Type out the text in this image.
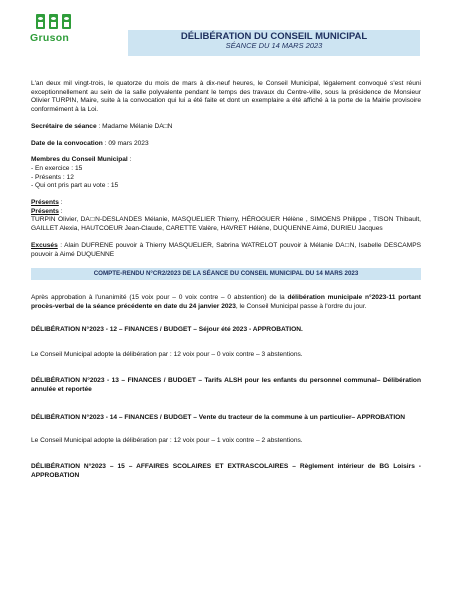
Gruson	DÉLIBÉRATION DU CONSEIL MUNICIPAL
SÉANCE DU 14 MARS 2023

L'an deux mil vingt-trois, le quatorze du mois de mars à dix-neuf heures, le Conseil Municipal, légalement convoqué s'est réuni exceptionnellement au sein de la salle polyvalente pendant le temps des travaux du Centre-ville, sous la présidence de Monsieur Olivier TURPIN, Maire, suite à la convocation qui lui a été faite et dont un exemplaire a été affiché à la porte de la Mairie provisoire conformément à la Loi.

Secrétaire de séance : Madame Mélanie DA□N

Date de la convocation : 09 mars 2023

Membres du Conseil Municipal :

- En exercice : 15

- Présents : 12

- Qui ont pris part au vote : 15

Présents :

Présents :

TURPIN Olivier, DA□N-DESLANDES Mélanie, MASQUELIER Thierry, HÉROGUER Hélène , SIMOENS Philippe , TISON Thibault, GAILLET Alexia, HAUTCOEUR Jean-Claude, CARETTE Valère, HAVRET Hélène, DUQUENNE Aimé, DURIEU Jacques

Excusés : Alain DUFRENE pouvoir à Thierry MASQUELIER, Sabrina WATRELOT pouvoir à Mélanie DA□N, Isabelle DESCAMPS pouvoir à Aimé DUQUENNE

COMPTE-RENDU N°CR2/2023 DE LA SÉANCE DU CONSEIL MUNICIPAL DU 14 MARS 2023

Après approbation à l'unanimité (15 voix pour – 0 voix contre – 0 abstention) de la délibération municipale n°2023-11 portant procès-verbal de la séance précédente en date du 24 janvier 2023, le Conseil Municipal passe à l'ordre du jour.

DÉLIBÉRATION N°2023 - 12 – FINANCES / BUDGET – Séjour été 2023 - APPROBATION.

Le Conseil Municipal adopte la délibération par : 12 voix pour – 0 voix contre – 3 abstentions.

DÉLIBÉRATION N°2023 - 13 – FINANCES / BUDGET – Tarifs ALSH pour les enfants du personnel communal– Délibération annulée et reportée

DÉLIBÉRATION N°2023 - 14 – FINANCES / BUDGET – Vente du tracteur de la commune à un particulier– APPROBATION

Le Conseil Municipal adopte la délibération par : 12 voix pour – 1 voix contre – 2 abstentions.

DÉLIBÉRATION N°2023 – 15 – AFFAIRES SCOLAIRES ET EXTRASCOLAIRES – Règlement intérieur de BG Loisirs - APPROBATION
